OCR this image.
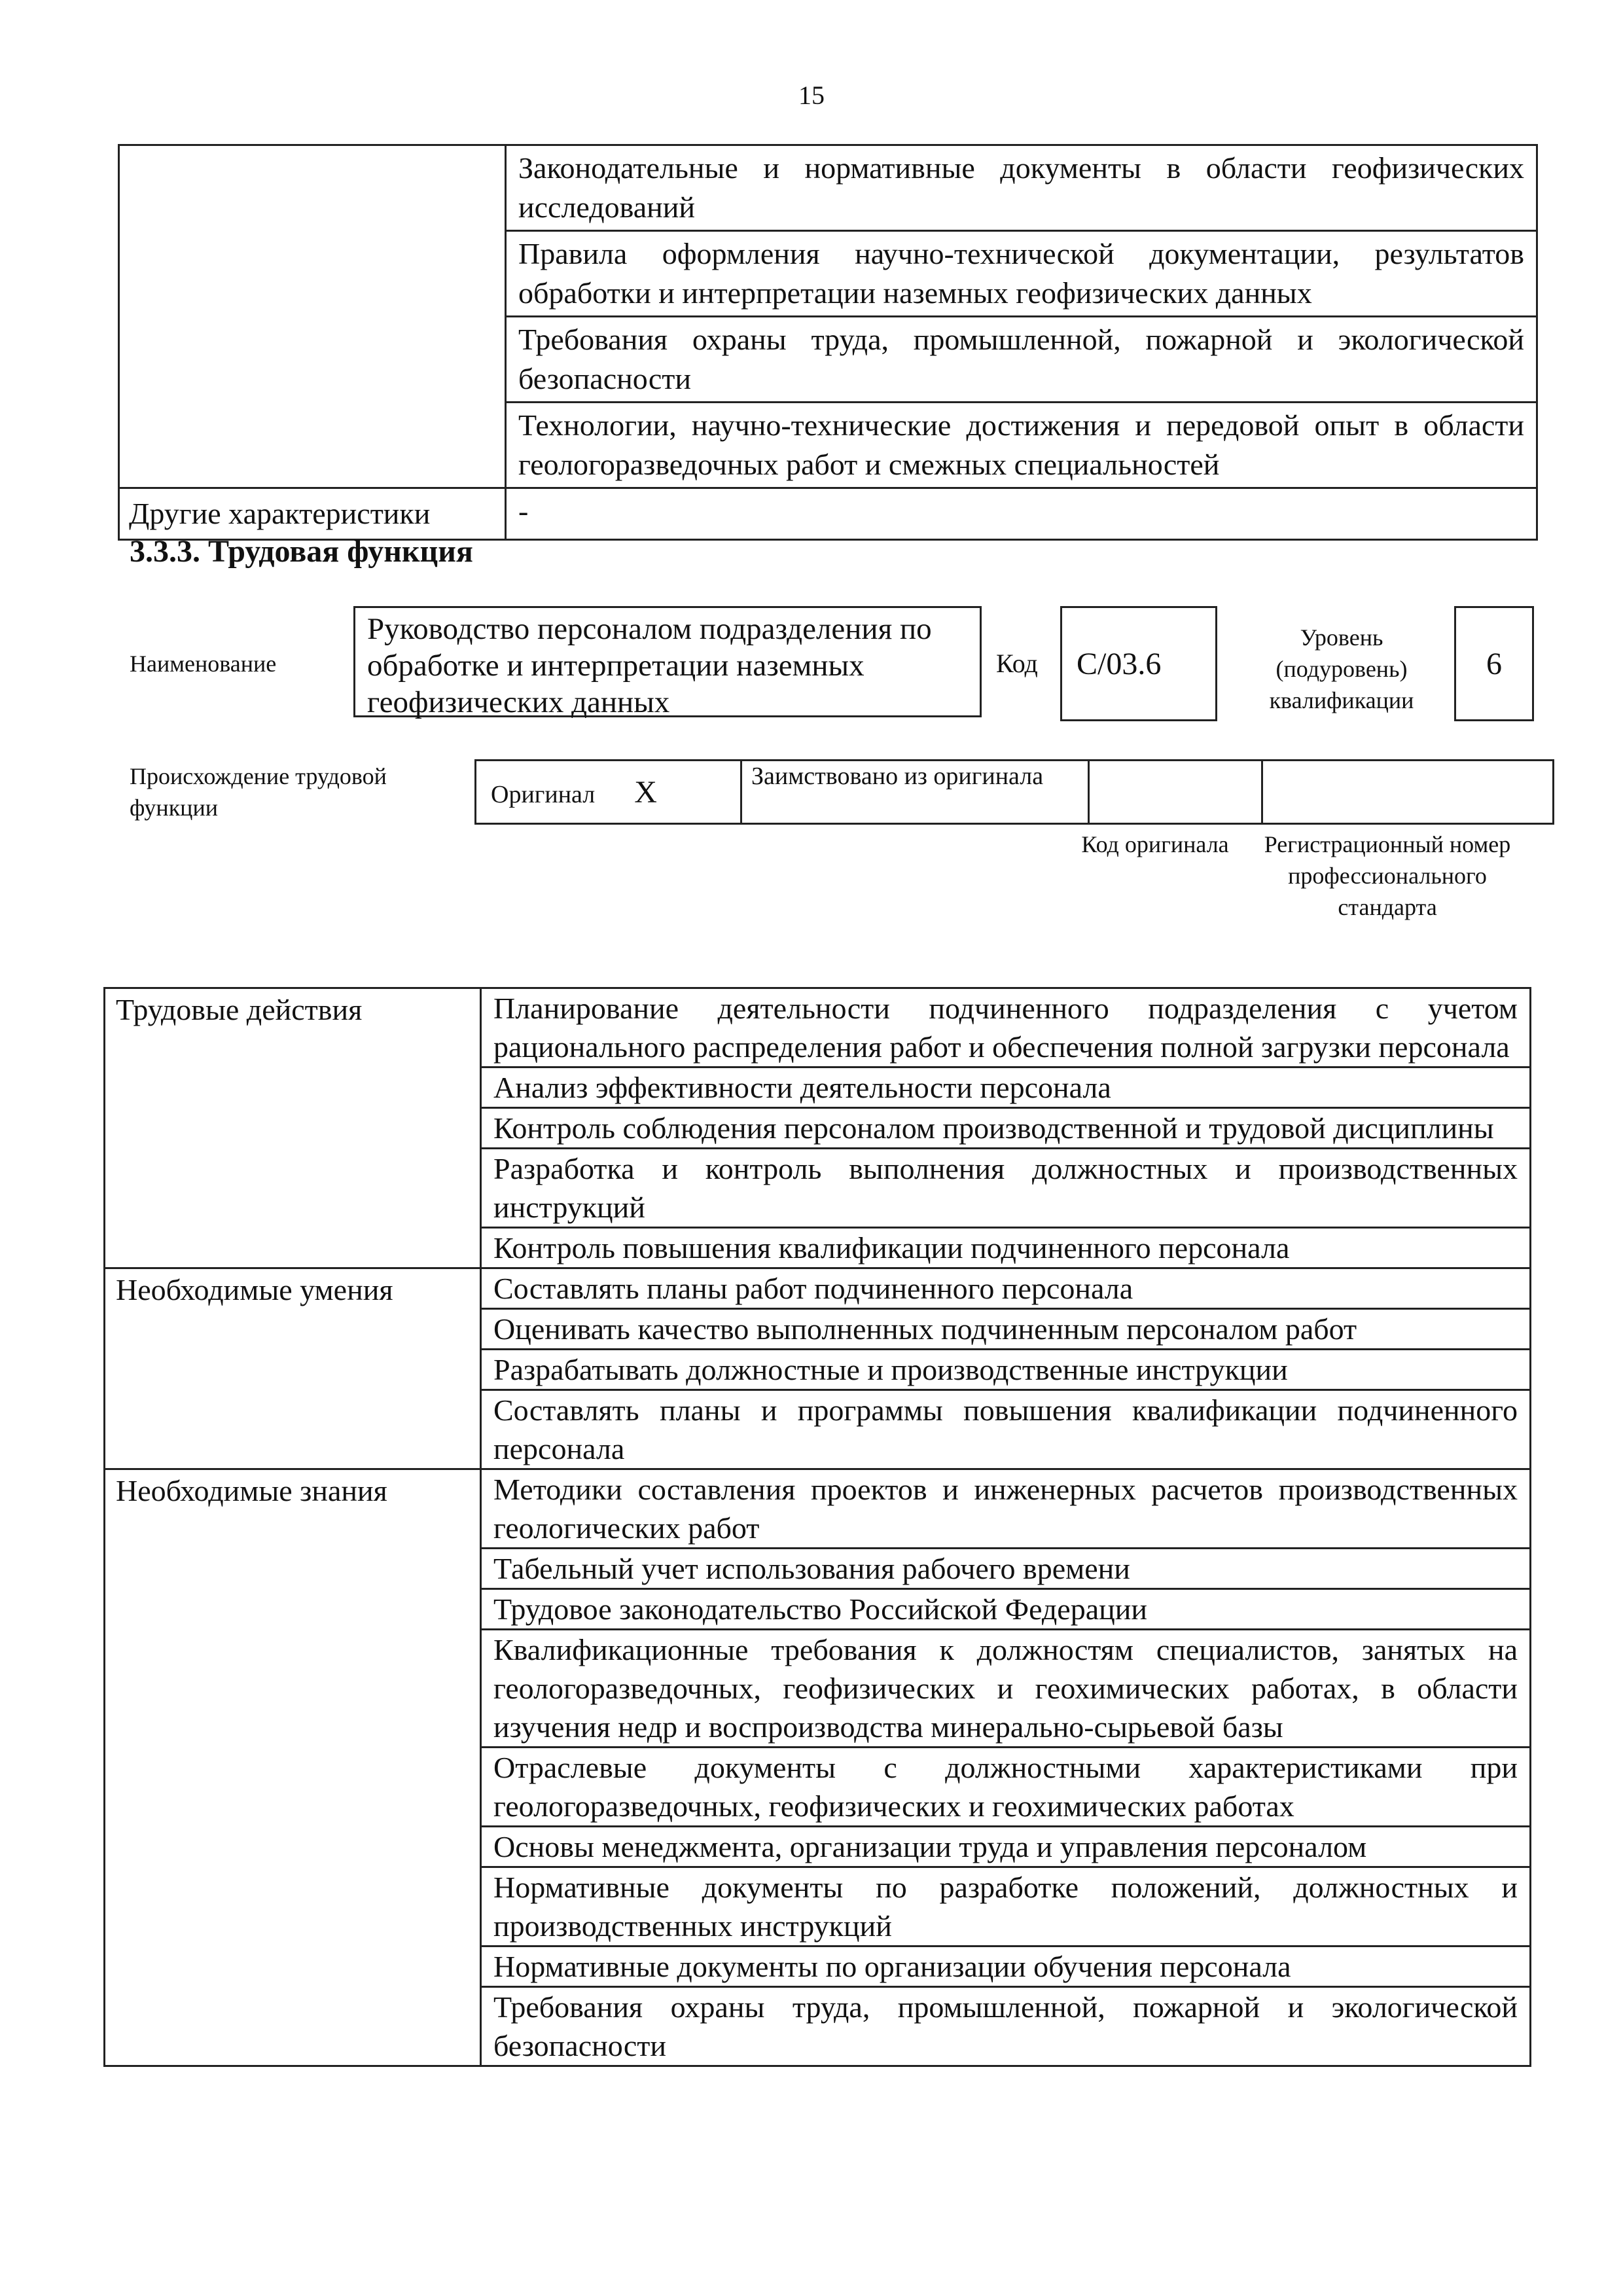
15
	Законодательные и нормативные документы в области геофизических исследований
	Правила оформления научно-технической документации, результатов обработки и интерпретации наземных геофизических данных
	Требования охраны труда, промышленной, пожарной и экологической безопасности
	Технологии, научно-технические достижения и передовой опыт в области геологоразведочных работ и смежных специальностей
Другие характеристики	-
3.3.3. Трудовая функция
Наименование
Руководство персоналом подразделения по обработке и интерпретации наземных геофизических данных
Код	С/03.6
Уровень (подуровень) квалификации
6
Происхождение трудовой функции	Оригинал X	Заимствовано из оригинала		
Код оригинала	Регистрационный номер профессионального стандарта
Трудовые действия	Планирование деятельности подчиненного подразделения с учетом рационального распределения работ и обеспечения полной загрузки персонала
	Анализ эффективности деятельности персонала
	Контроль соблюдения персоналом производственной и трудовой дисциплины
	Разработка и контроль выполнения должностных и производственных инструкций
	Контроль повышения квалификации подчиненного персонала
Необходимые умения	Составлять планы работ подчиненного персонала
	Оценивать качество выполненных подчиненным персоналом работ
	Разрабатывать должностные и производственные инструкции
	Составлять планы и программы повышения квалификации подчиненного персонала
Необходимые знания	Методики составления проектов и инженерных расчетов производственных геологических работ
	Табельный учет использования рабочего времени
	Трудовое законодательство Российской Федерации
	Квалификационные требования к должностям специалистов, занятых на геологоразведочных, геофизических и геохимических работах, в области изучения недр и воспроизводства минерально-сырьевой базы
	Отраслевые документы с должностными характеристиками при геологоразведочных, геофизических и геохимических работах
	Основы менеджмента, организации труда и управления персоналом
	Нормативные документы по разработке положений, должностных и производственных инструкций
	Нормативные документы по организации обучения персонала
	Требования охраны труда, промышленной, пожарной и экологической безопасности
